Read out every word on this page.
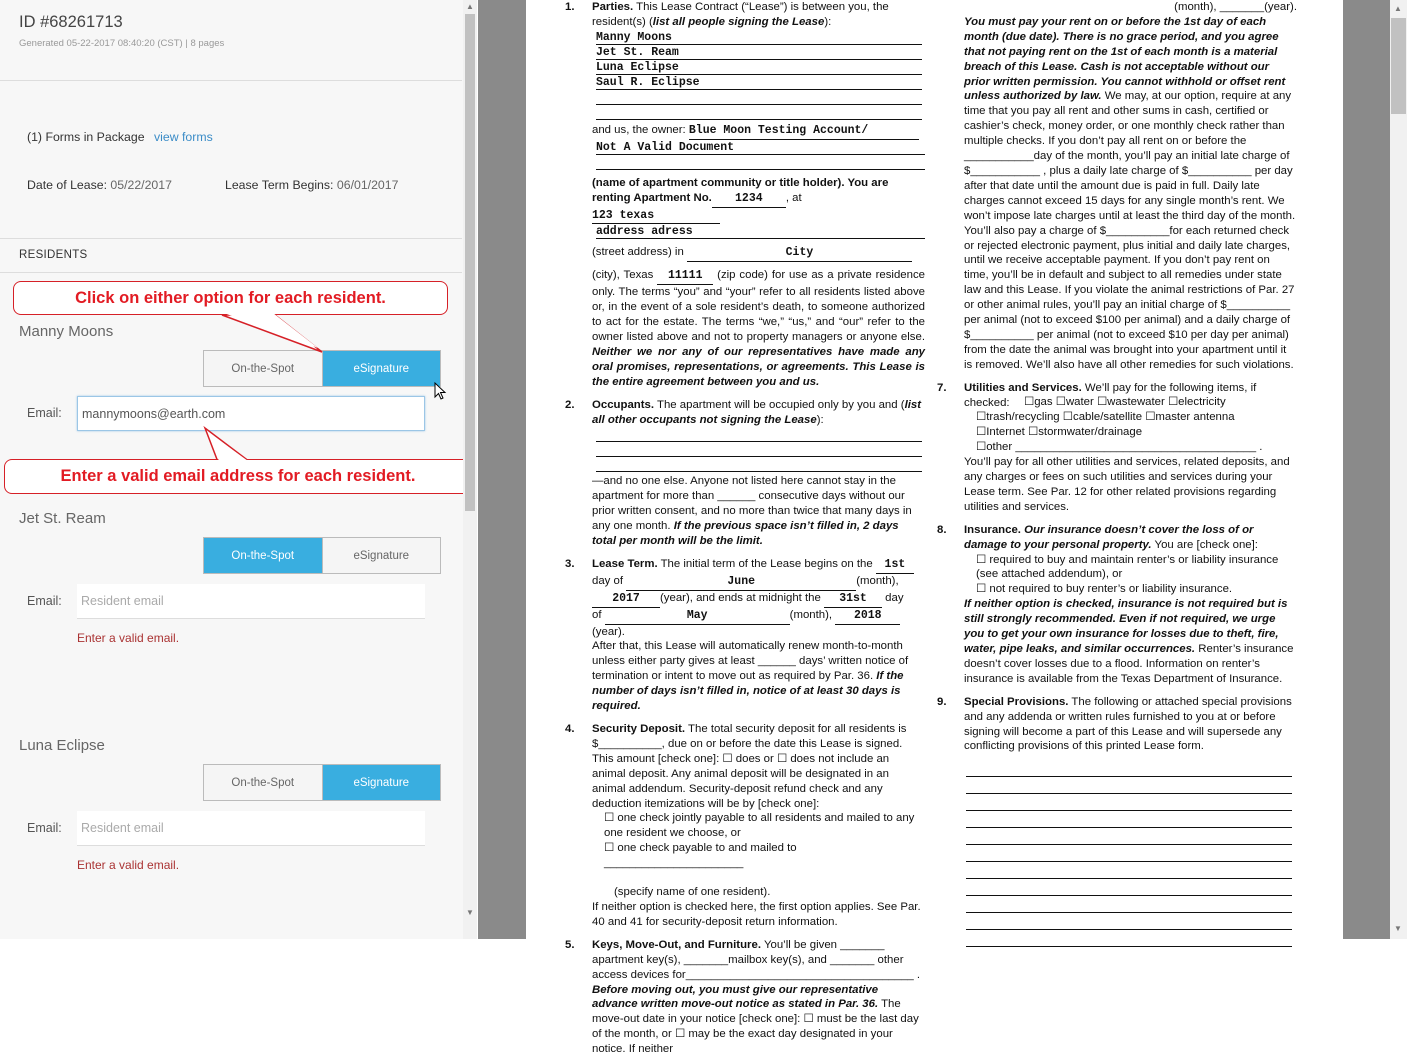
ID #68261713
Generated 05-22-2017 08:40:20 (CST) | 8 pages
(1) Forms in Package view forms
Date of Lease: 05/22/2017	Lease Term Begins: 06/01/2017
RESIDENTS
Manny Moons
On-the-Spot	eSignature
Email:
mannymoons@earth.com
Jet St. Ream
On-the-Spot	eSignature
Email:
Resident email
Enter a valid email.
Luna Eclipse
On-the-Spot	eSignature
Email:
Resident email
Enter a valid email.
Click on either option for each resident.
Enter a valid email address for each resident.
▲
▼
1. Parties. This Lease Contract (“Lease”) is between you, the resident(s) (list all people signing the Lease):
Manny Moons
Jet St. Ream
Luna Eclipse
Saul R. Eclipse
and us, the owner: Blue Moon Testing Account/
Not A Valid Document
(name of apartment community or title holder). You are renting Apartment No. 1234 , at 123 texas
address adress
(street address) in	City
(city), Texas 11111 (zip code) for use as a private residence only. The terms “you” and “your” refer to all residents listed above or, in the event of a sole resident’s death, to someone authorized to act for the estate. The terms “we,” “us,” and “our” refer to the owner listed above and not to property managers or anyone else. Neither we nor any of our representatives have made any oral promises, representations, or agreements. This Lease is the entire agreement between you and us.
2. Occupants. The apartment will be occupied only by you and (list all other occupants not signing the Lease):
—and no one else. Anyone not listed here cannot stay in the apartment for more than ______ consecutive days without our prior written consent, and no more than twice that many days in any one month. If the previous space isn’t filled in, 2 days total per month will be the limit.
3. Lease Term. The initial term of the Lease begins on the 1st
day of	June	(month),
2017 (year), and ends at midnight the 31st day
of	May	(month), 2018(year).
After that, this Lease will automatically renew month-to-month unless either party gives at least ______ days’ written notice of termination or intent to move out as required by Par. 36. If the number of days isn’t filled in, notice of at least 30 days is required.
4. Security Deposit. The total security deposit for all residents is $__________, due on or before the date this Lease is signed. This amount [check one]: ☐ does or ☐ does not include an animal deposit. Any animal deposit will be designated in an animal addendum. Security-deposit refund check and any deduction itemizations will be by [check one]:
☐ one check jointly payable to all residents and mailed to any one resident we choose, or
☐ one check payable to and mailed to ______________________
(specify name of one resident).
If neither option is checked here, the first option applies. See Par. 40 and 41 for security-deposit return information.
5. Keys, Move-Out, and Furniture. You’ll be given _______ apartment key(s), _______mailbox key(s), and _______ other access devices for____________________________________ . Before moving out, you must give our representative advance written move-out notice as stated in Par. 36. The move-out date in your notice [check one]: ☐ must be the last day of the month, or ☐ may be the exact day designated in your notice. If neither
(month), _______(year).
You must pay your rent on or before the 1st day of each month (due date). There is no grace period, and you agree that not paying rent on the 1st of each month is a material breach of this Lease. Cash is not acceptable without our prior written permission. You cannot withhold or offset rent unless authorized by law. We may, at our option, require at any time that you pay all rent and other sums in cash, certified or cashier’s check, money order, or one monthly check rather than multiple checks. If you don’t pay all rent on or before the ___________day of the month, you’ll pay an initial late charge of $___________ , plus a daily late charge of $__________ per day after that date until the amount due is paid in full. Daily late charges cannot exceed 15 days for any single month’s rent. We won’t impose late charges until at least the third day of the month. You’ll also pay a charge of $__________for each returned check or rejected electronic payment, plus initial and daily late charges, until we receive acceptable payment. If you don’t pay rent on time, you’ll be in default and subject to all remedies under state law and this Lease. If you violate the animal restrictions of Par. 27 or other animal rules, you’ll pay an initial charge of $__________ per animal (not to exceed $100 per animal) and a daily charge of $__________ per animal (not to exceed $10 per day per animal) from the date the animal was brought into your apartment until it is removed. We’ll also have all other remedies for such violations.
7. Utilities and Services. We’ll pay for the following items, if checked:	☐gas ☐water ☐wastewater ☐electricity
☐trash/recycling ☐cable/satellite ☐master antenna
☐Internet ☐stormwater/drainage
☐other ______________________________________ .
You’ll pay for all other utilities and services, related deposits, and any charges or fees on such utilities and services during your Lease term. See Par. 12 for other related provisions regarding utilities and services.
8. Insurance. Our insurance doesn’t cover the loss of or damage to your personal property. You are [check one]:
☐ required to buy and maintain renter’s or liability insurance (see attached addendum), or
☐ not required to buy renter’s or liability insurance.
If neither option is checked, insurance is not required but is still strongly recommended. Even if not required, we urge you to get your own insurance for losses due to theft, fire, water, pipe leaks, and similar occurrences. Renter’s insurance doesn’t cover losses due to a flood. Information on renter’s insurance is available from the Texas Department of Insurance.
9. Special Provisions. The following or attached special provisions and any addenda or written rules furnished to you at or before signing will become a part of this Lease and will supersede any conflicting provisions of this printed Lease form.
▲
▼
